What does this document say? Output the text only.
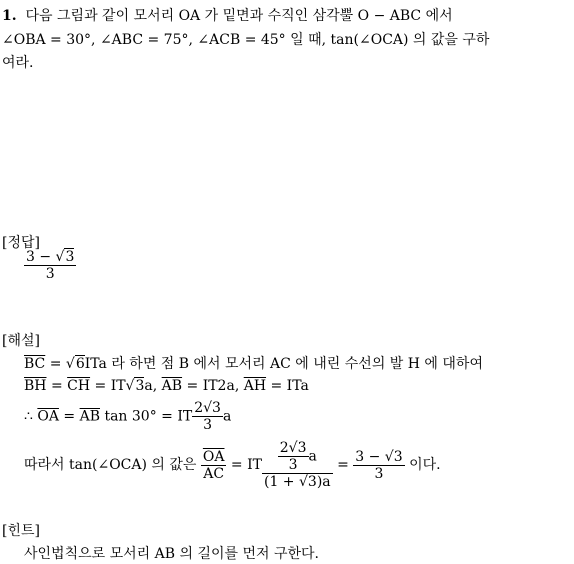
1. 다음 그림과 같이 모서리 OA 가 밑면과 수직인 삼각뿔 O − ABC 에서
∠OBA = 30°, ∠ABC = 75°, ∠ACB = 45° 일 때, tan(∠OCA) 의 값을 구하
여라.
[정답]
$\frac{3 - √3}{3}$
[해설]
$\overline{BC} = √6ITa$ 라 하면 점 B 에서 모서리 AC 에 내린 수선의 발 H 에 대하여
$\overline{BH} = \overline{CH} = IT√3a$, $\overline{AB} = IT2a$, $\overline{AH}$ = ITa
∴ $\overline{OA} = \overline{AB}$ tan 30° = IT $\frac{2√3}{3}$ a
따라서 tan(∠OCA) 의 값은 $\frac{\overline{OA}}{AC}$ = IT $\frac{\frac{2√3}{3} a}{(1 + √3)a} = \frac{3 - √3}{3}$ 이다.
[힌트]
사인법칙으로 모서리 AB 의 길이를 먼저 구한다.
